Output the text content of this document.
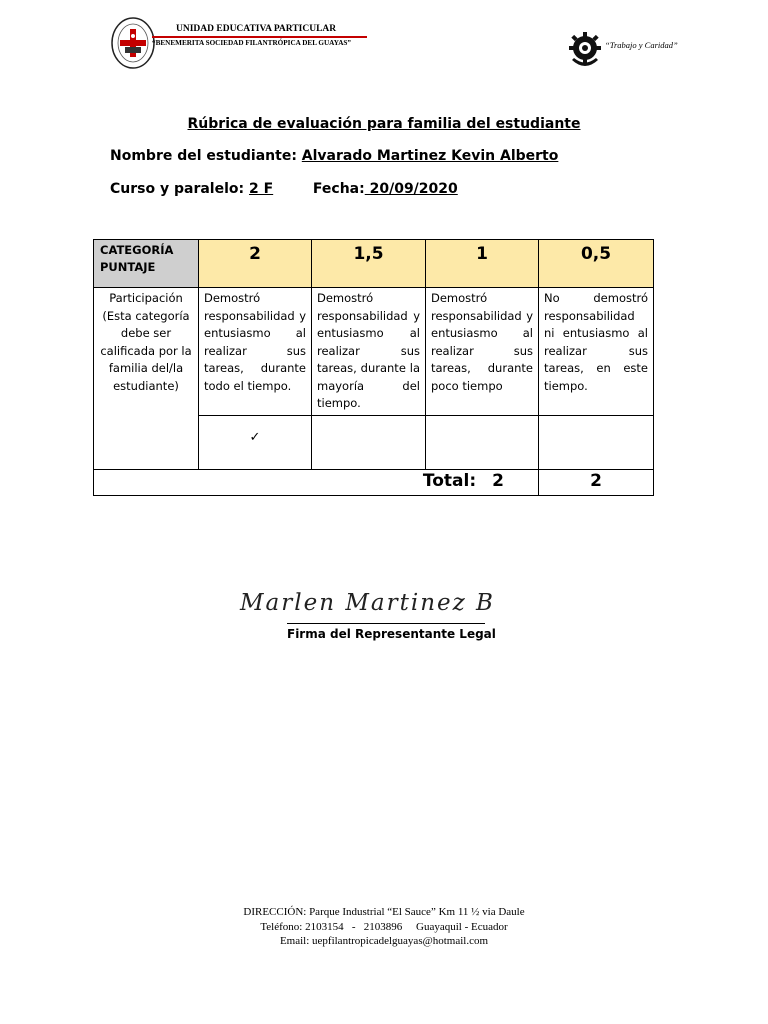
UNIDAD EDUCATIVA PARTICULAR
“BENEMERITA SOCIEDAD FILANTRÓPICA DEL GUAYAS”	“Trabajo y Caridad”
Rúbrica de evaluación para familia del estudiante
Nombre del estudiante: Alvarado Martinez Kevin Alberto
Curso y paralelo: 2 F	Fecha: 20/09/2020
CATEGORÍA
PUNTAJE	2	1,5	1	0,5
Participación (Esta categoría debe ser calificada por la familia del/la estudiante)	Demostró responsabilidad y entusiasmo al realizar sus tareas, durante todo el tiempo.	Demostró responsabilidad y entusiasmo al realizar sus tareas, durante la mayoría del tiempo.	Demostró responsabilidad y entusiasmo al realizar sus tareas, durante poco tiempo	No demostró responsabilidad ni entusiasmo al realizar sus tareas, en este tiempo.
	✓			
Total: 2				2
Marlen Martinez B
Firma del Representante Legal
DIRECCIÓN: Parque Industrial “El Sauce” Km 11 ½ via Daule
Teléfono: 2103154   -   2103896     Guayaquil - Ecuador
Email: uepfilantropicadelguayas@hotmail.com
